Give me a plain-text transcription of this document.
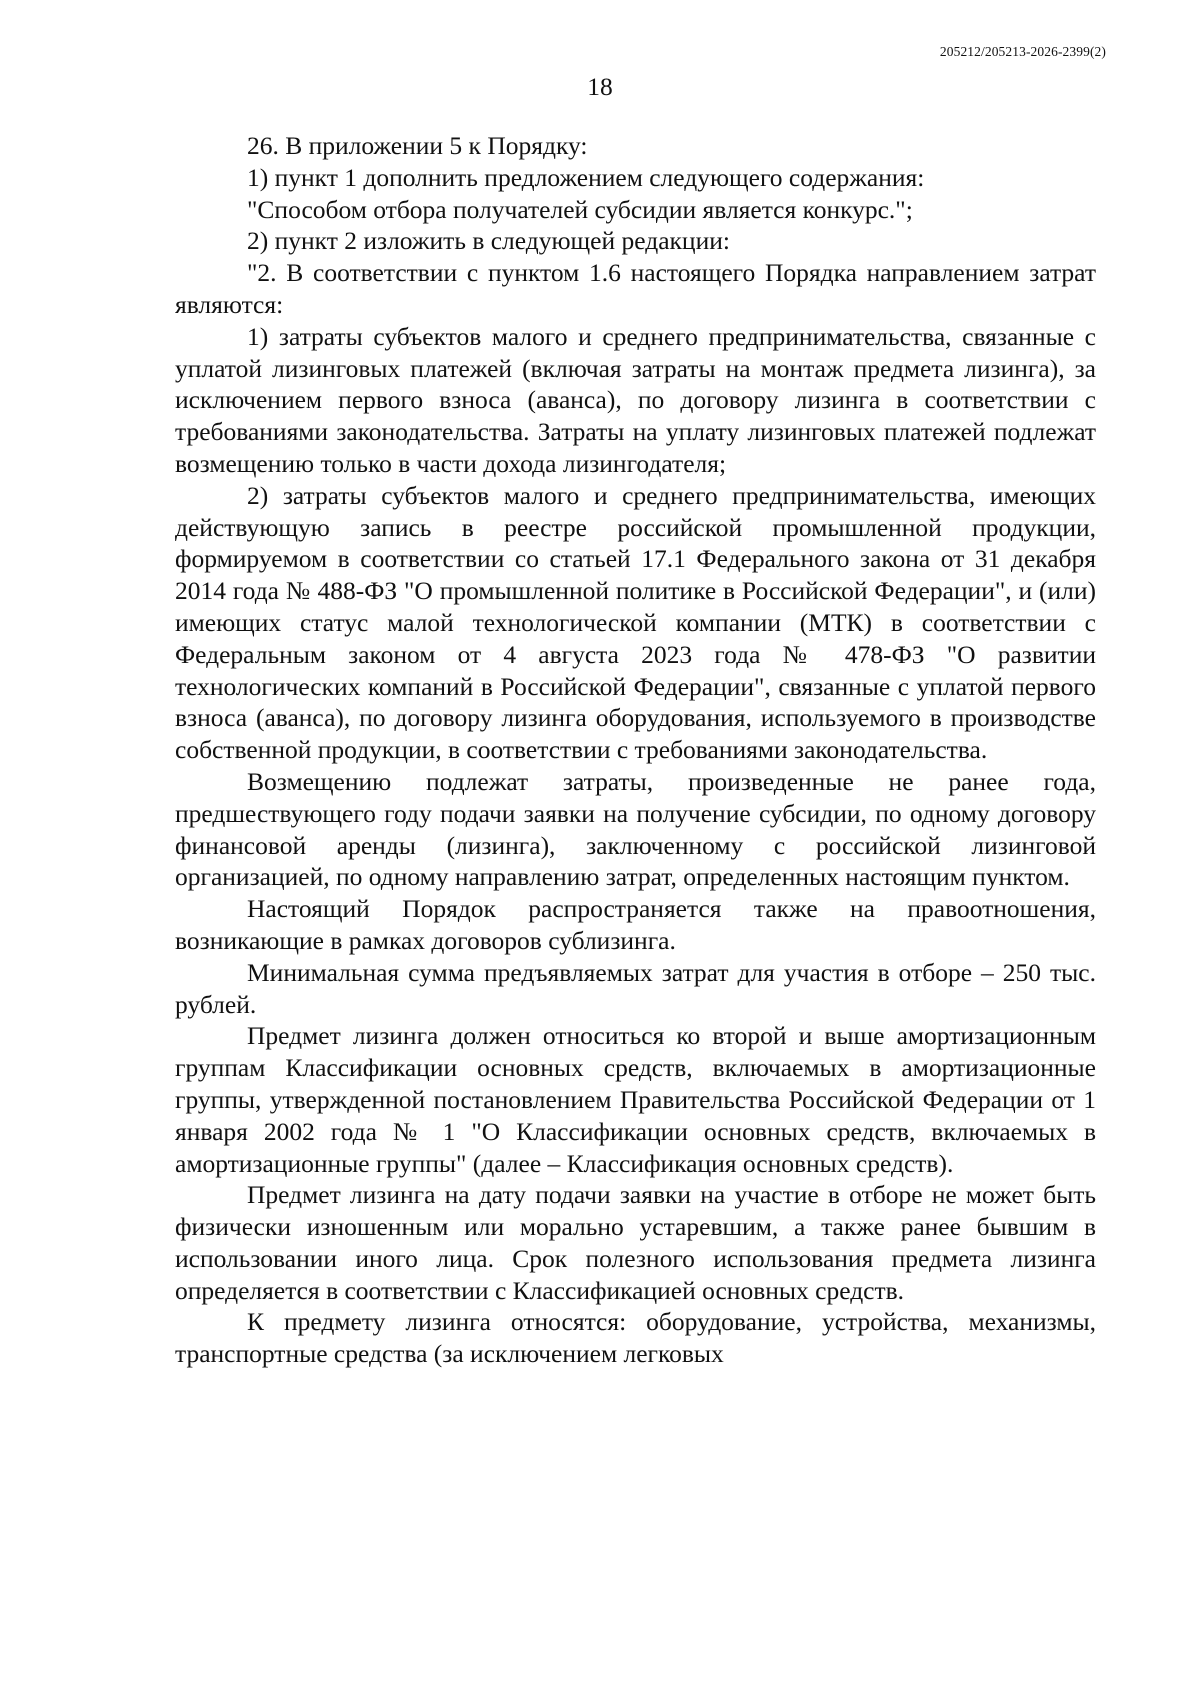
205212/205213-2026-2399(2)
18

26. В приложении 5 к Порядку:

1) пункт 1 дополнить предложением следующего содержания:

"Способом отбора получателей субсидии является конкурс.";

2) пункт 2 изложить в следующей редакции:

"2. В соответствии с пунктом 1.6 настоящего Порядка направлением затрат являются:

1) затраты субъектов малого и среднего предпринимательства, связанные с уплатой лизинговых платежей (включая затраты на монтаж предмета лизинга), за исключением первого взноса (аванса), по договору лизинга в соответствии с требованиями законодательства. Затраты на уплату лизинговых платежей подлежат возмещению только в части дохода лизингодателя;

2) затраты субъектов малого и среднего предпринимательства, имеющих действующую запись в реестре российской промышленной продукции, формируемом в соответствии со статьей 17.1 Федерального закона от 31 декабря 2014 года № 488-ФЗ "О промышленной политике в Российской Федерации", и (или) имеющих статус малой технологической компании (МТК) в соответствии с Федеральным законом от 4 августа 2023 года № 478-ФЗ "О развитии технологических компаний в Российской Федерации", связанные с уплатой первого взноса (аванса), по договору лизинга оборудования, используемого в производстве собственной продукции, в соответствии с требованиями законодательства.

Возмещению подлежат затраты, произведенные не ранее года, предшествующего году подачи заявки на получение субсидии, по одному договору финансовой аренды (лизинга), заключенному с российской лизинговой организацией, по одному направлению затрат, определенных настоящим пунктом.

Настоящий Порядок распространяется также на правоотношения, возникающие в рамках договоров сублизинга.

Минимальная сумма предъявляемых затрат для участия в отборе – 250 тыс. рублей.

Предмет лизинга должен относиться ко второй и выше амортизационным группам Классификации основных средств, включаемых в амортизационные группы, утвержденной постановлением Правительства Российской Федерации от 1 января 2002 года № 1 "О Классификации основных средств, включаемых в амортизационные группы" (далее – Классификация основных средств).

Предмет лизинга на дату подачи заявки на участие в отборе не может быть физически изношенным или морально устаревшим, а также ранее бывшим в использовании иного лица. Срок полезного использования предмета лизинга определяется в соответствии с Классификацией основных средств.

К предмету лизинга относятся: оборудование, устройства, механизмы, транспортные средства (за исключением легковых
